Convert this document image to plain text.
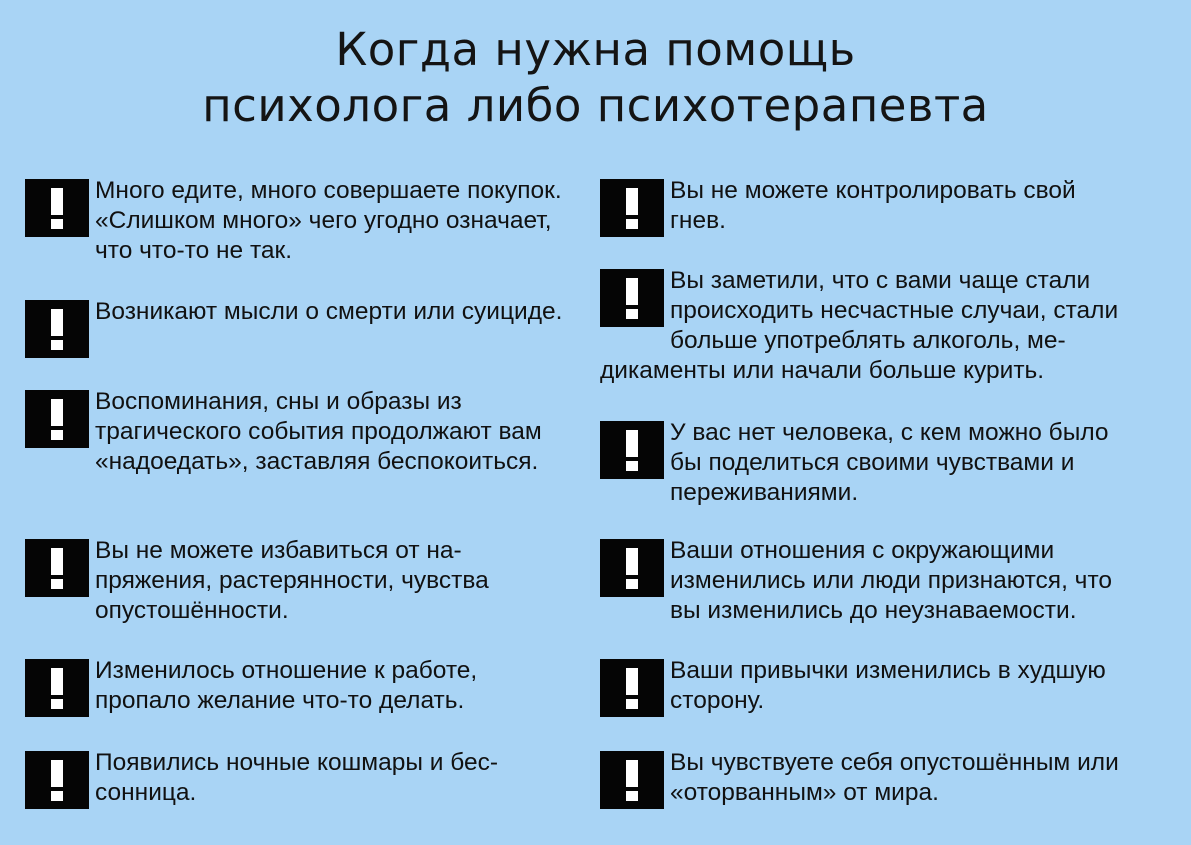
Когда нужна помощь
психолога либо психотерапевта
Много едите, много совершаете покупок. «Слишком много» чего угодно означает, что что-то не так.
Возникают мысли о смерти или суициде.
Воспоминания, сны и образы из трагического события продолжают вам «надоедать», заставляя беспокоиться.
Вы не можете избавиться от напряжения, растерянности, чувства опустошённости.
Изменилось отношение к работе, пропало желание что-то делать.
Появились ночные кошмары и бессонница.
Вы не можете контролировать свой гнев.
Вы заметили, что с вами чаще стали происходить несчастные случаи, стали больше употреблять алкоголь, медикаменты или начали больше курить.
У вас нет человека, с кем можно было бы поделиться своими чувствами и переживаниями.
Ваши отношения с окружающими изменились или люди признаются, что вы изменились до неузнаваемости.
Ваши привычки изменились в худшую сторону.
Вы чувствуете себя опустошённым или «оторванным» от мира.
